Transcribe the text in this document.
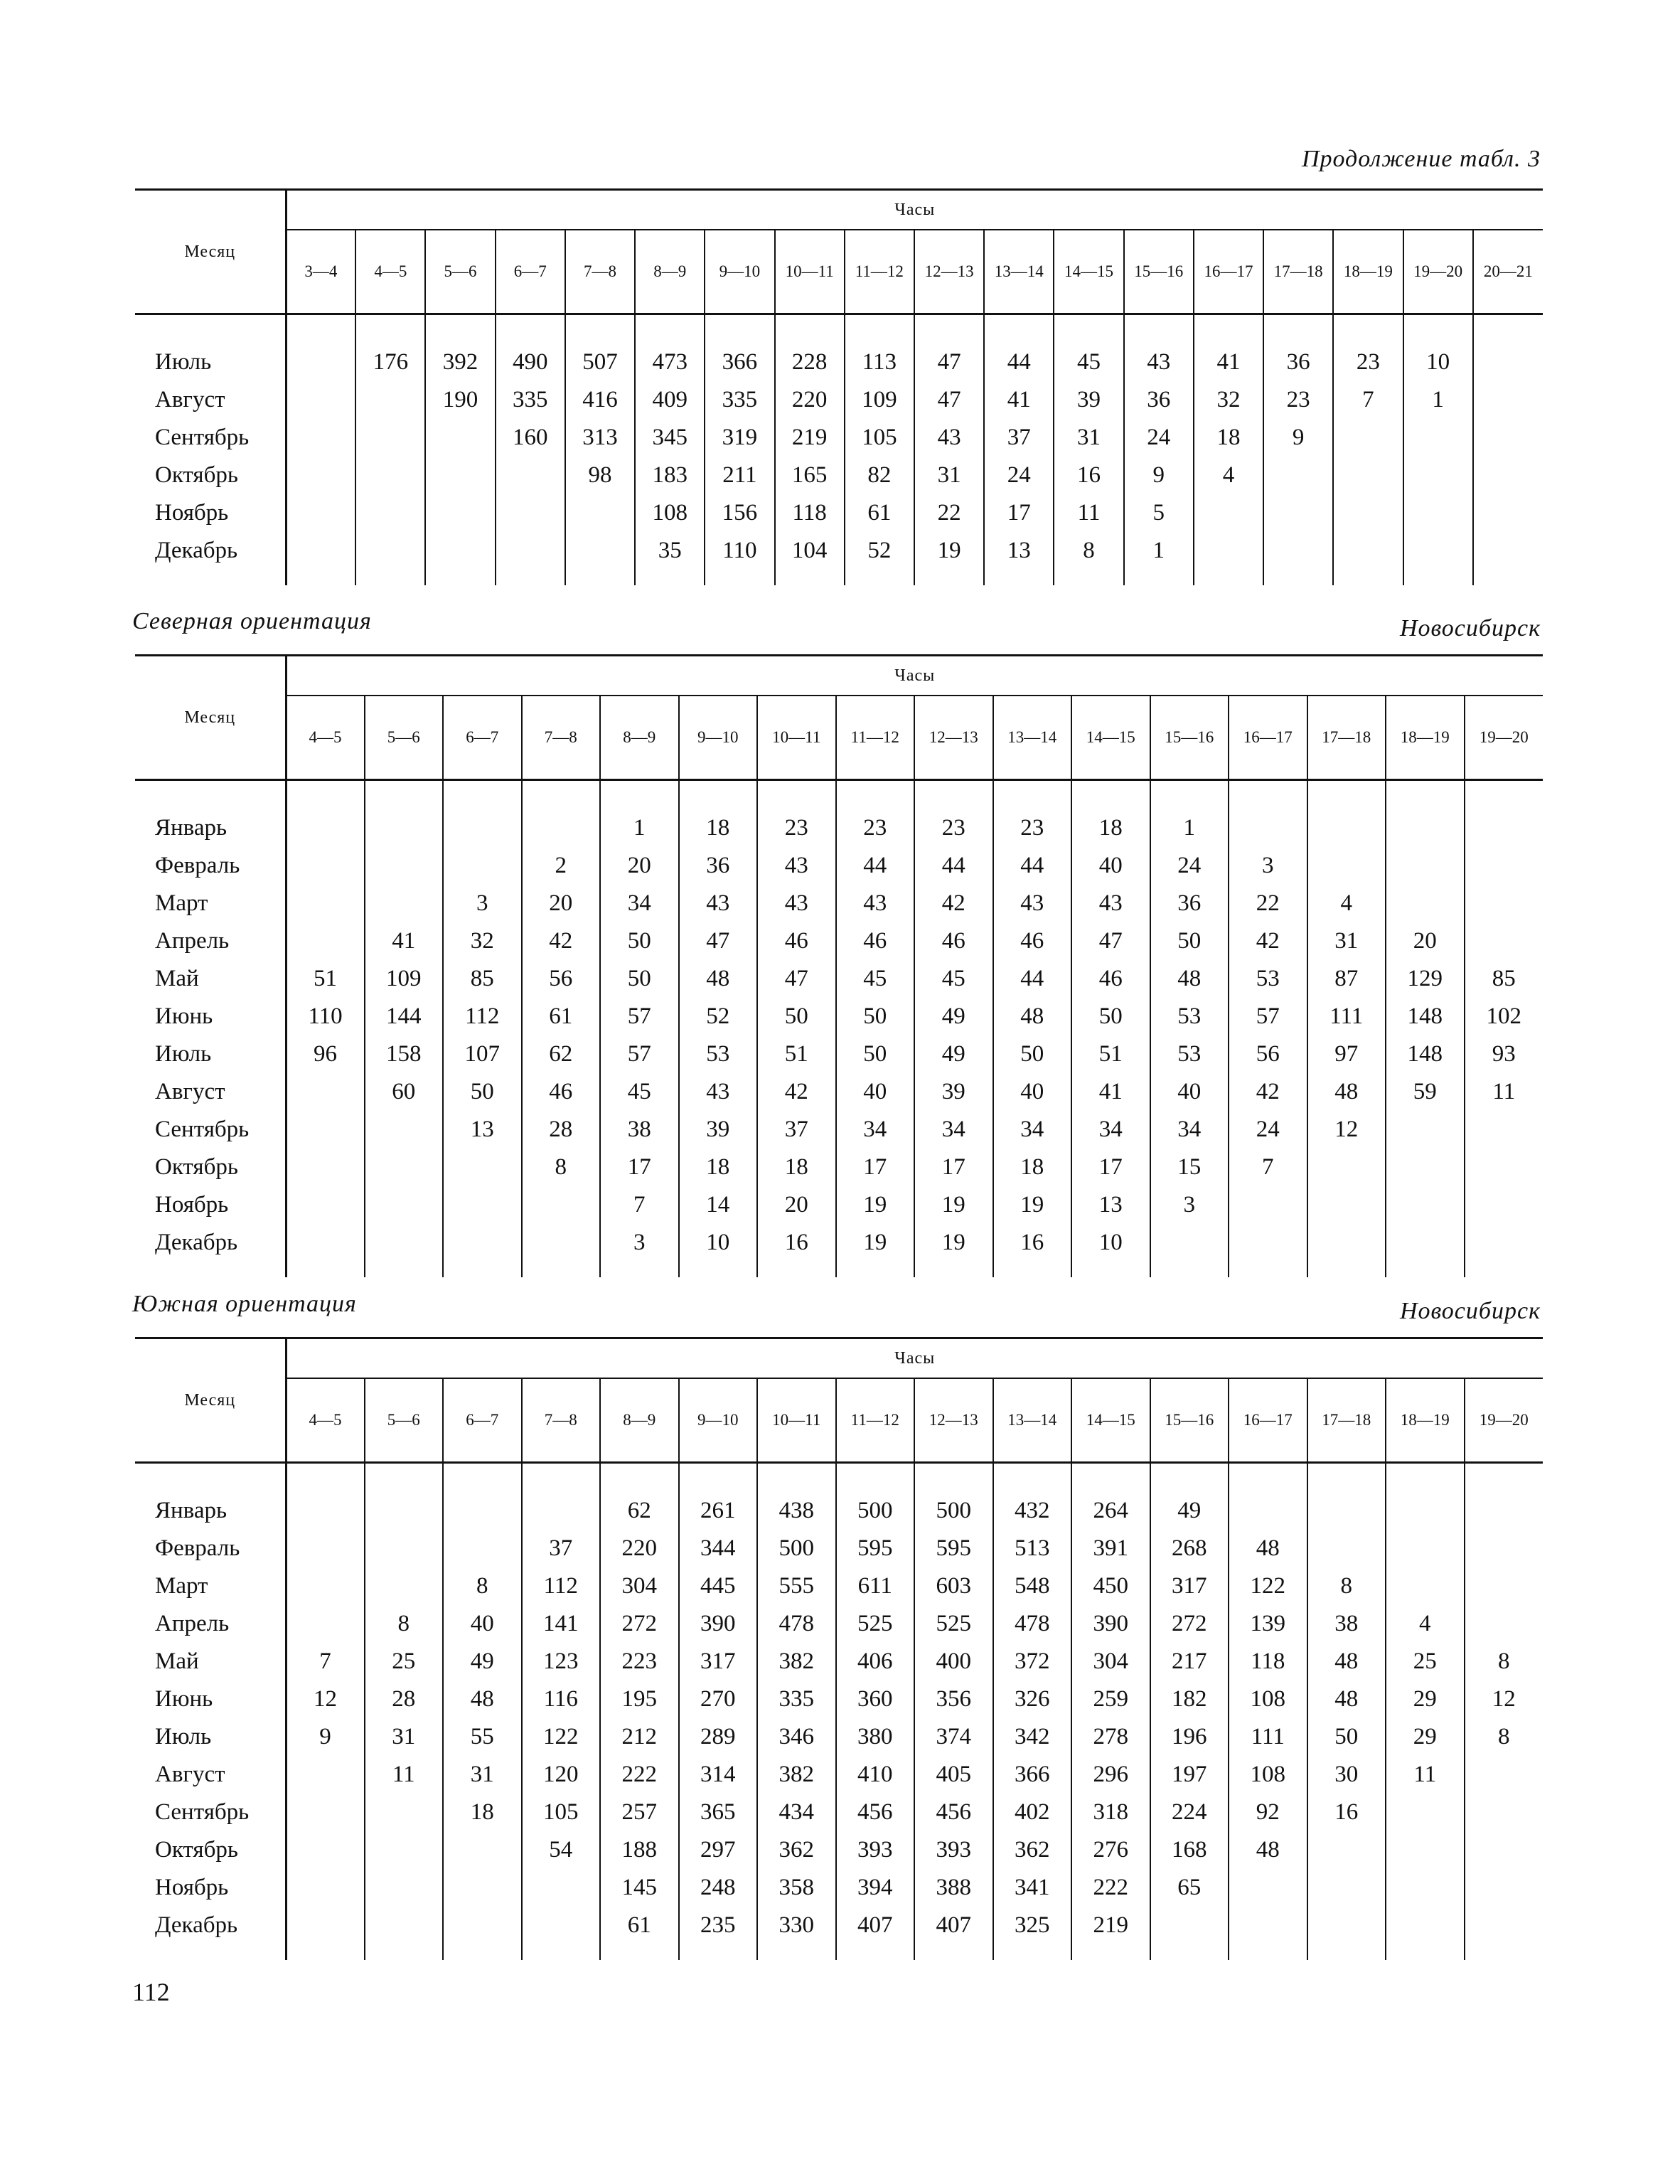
Продолжение табл. 3
Месяц	Часы																	
	3—4	4—5	5—6	6—7	7—8	8—9	9—10	10—11	11—12	12—13	13—14	14—15	15—16	16—17	17—18	18—19	19—20	20—21

Июль		176	392	490	507	473	366	228	113	47	44	45	43	41	36	23	10	
Август			190	335	416	409	335	220	109	47	41	39	36	32	23	7	1	
Сентябрь				160	313	345	319	219	105	43	37	31	24	18	9			
Октябрь					98	183	211	165	82	31	24	16	9	4				
Ноябрь						108	156	118	61	22	17	11	5					
Декабрь						35	110	104	52	19	13	8	1					

Северная ориентация	Новосибирск
Месяц	Часы															
	4—5	5—6	6—7	7—8	8—9	9—10	10—11	11—12	12—13	13—14	14—15	15—16	16—17	17—18	18—19	19—20

Январь					1	18	23	23	23	23	18	1				
Февраль				2	20	36	43	44	44	44	40	24	3			
Март			3	20	34	43	43	43	42	43	43	36	22	4		
Апрель		41	32	42	50	47	46	46	46	46	47	50	42	31	20	
Май	51	109	85	56	50	48	47	45	45	44	46	48	53	87	129	85
Июнь	110	144	112	61	57	52	50	50	49	48	50	53	57	111	148	102
Июль	96	158	107	62	57	53	51	50	49	50	51	53	56	97	148	93
Август		60	50	46	45	43	42	40	39	40	41	40	42	48	59	11
Сентябрь			13	28	38	39	37	34	34	34	34	34	24	12		
Октябрь				8	17	18	18	17	17	18	17	15	7			
Ноябрь					7	14	20	19	19	19	13	3				
Декабрь					3	10	16	19	19	16	10					

Южная ориентация	Новосибирск
Месяц	Часы															
	4—5	5—6	6—7	7—8	8—9	9—10	10—11	11—12	12—13	13—14	14—15	15—16	16—17	17—18	18—19	19—20

Январь					62	261	438	500	500	432	264	49				
Февраль				37	220	344	500	595	595	513	391	268	48			
Март			8	112	304	445	555	611	603	548	450	317	122	8		
Апрель		8	40	141	272	390	478	525	525	478	390	272	139	38	4	
Май	7	25	49	123	223	317	382	406	400	372	304	217	118	48	25	8
Июнь	12	28	48	116	195	270	335	360	356	326	259	182	108	48	29	12
Июль	9	31	55	122	212	289	346	380	374	342	278	196	111	50	29	8
Август		11	31	120	222	314	382	410	405	366	296	197	108	30	11	
Сентябрь			18	105	257	365	434	456	456	402	318	224	92	16		
Октябрь				54	188	297	362	393	393	362	276	168	48			
Ноябрь					145	248	358	394	388	341	222	65				
Декабрь					61	235	330	407	407	325	219					

112
